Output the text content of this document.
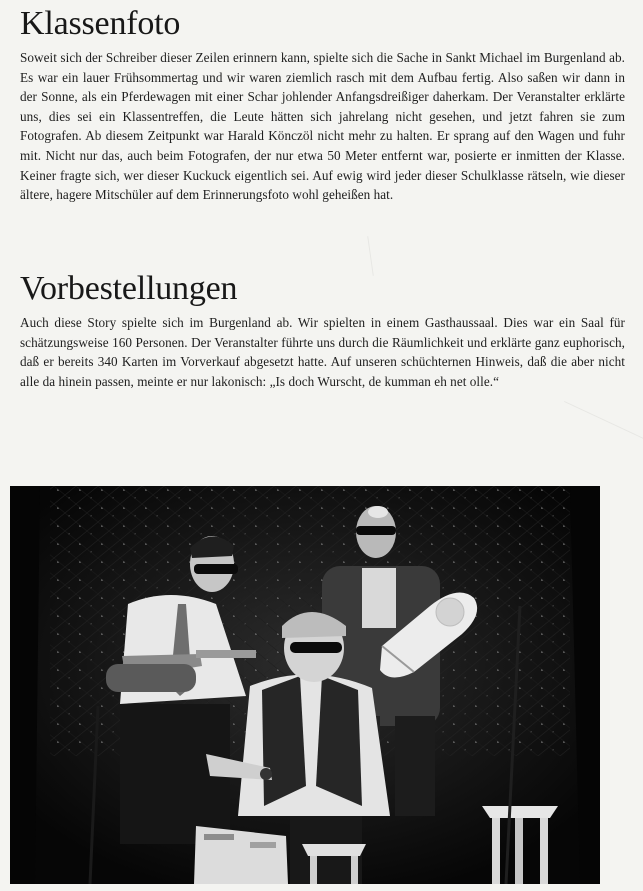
Klassenfoto

Soweit sich der Schreiber dieser Zeilen erinnern kann, spielte sich die Sache in Sankt Michael im Burgenland ab. Es war ein lauer Frühsommertag und wir waren ziemlich rasch mit dem Aufbau fertig. Also saßen wir dann in der Sonne, als ein Pferdewagen mit einer Schar johlender Anfangsdreißiger daherkam. Der Veranstalter erklärte uns, dies sei ein Klassentreffen, die Leute hätten sich jahrelang nicht gesehen, und jetzt fahren sie zum Fotografen. Ab diesem Zeitpunkt war Harald Könczöl nicht mehr zu halten. Er sprang auf den Wagen und fuhr mit. Nicht nur das, auch beim Fotografen, der nur etwa 50 Meter entfernt war, posierte er inmitten der Klasse. Keiner fragte sich, wer dieser Kuckuck eigentlich sei. Auf ewig wird jeder dieser Schulklasse rätseln, wie dieser ältere, hagere Mitschüler auf dem Erinnerungsfoto wohl geheißen hat.

Vorbestellungen

Auch diese Story spielte sich im Burgenland ab. Wir spielten in einem Gasthaussaal. Dies war ein Saal für schätzungsweise 160 Personen. Der Veranstalter führte uns durch die Räumlichkeit und erklärte ganz euphorisch, daß er bereits 340 Karten im Vorverkauf abgesetzt hatte. Auf unseren schüchternen Hinweis, daß die aber nicht alle da hinein passen, meinte er nur lakonisch: „Is doch Wurscht, de kumman eh net olle.“
